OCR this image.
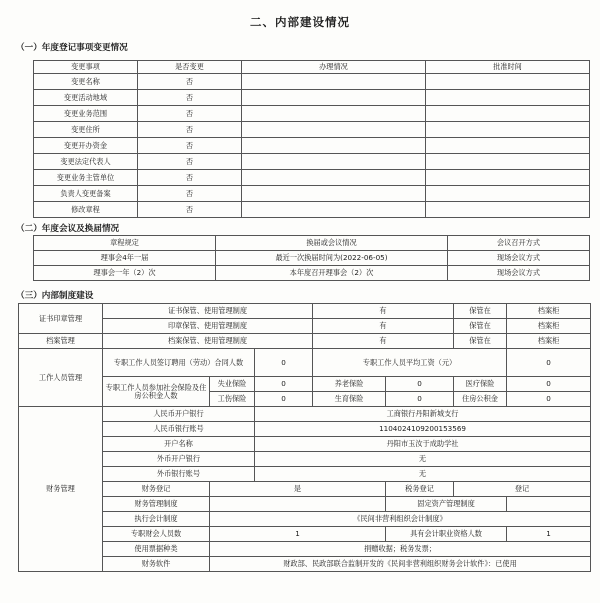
二、内部建设情况
（一）年度登记事项变更情况
变更事项	是否变更	办理情况	批准时间
变更名称	否		
变更活动地域	否		
变更业务范围	否		
变更住所	否		
变更开办资金	否		
变更法定代表人	否		
变更业务主管单位	否		
负责人变更备案	否		
修改章程	否		
（二）年度会议及换届情况
章程规定	换届或会议情况	会议召开方式
理事会4年一届	最近一次换届时间为(2022-06-05)	现场会议方式
理事会一年（2）次	本年度召开理事会（2）次	现场会议方式
（三）内部制度建设
证书印章管理	证书保管、使用管理制度			有		保管在	档案柜
	印章保管、使用管理制度			有		保管在	档案柜
档案管理	档案保管、使用管理制度			有		保管在	档案柜
工作人员管理	专职工作人员签订聘用（劳动）合同人数		0	专职工作人员平均工资（元）			0
	专职工作人员参加社会保险及住房公积金人数	失业保险	0	养老保险	0	医疗保险	0
		工伤保险	0	生育保险	0	住房公积金	0
财务管理	人民币开户银行		工商银行丹阳新城支行				
	人民币银行账号		1104024109200153569				
	开户名称		丹阳市玉汝于成助学社				
	外币开户银行		无				
	外币银行账号		无				
	财务登记	是			税务登记	登记	
	财务管理制度				固定资产管理制度		
	执行会计制度	《民间非营利组织会计制度》					
	专职财会人员数	1			具有会计职业资格人数		1
	使用票据种类	捐赠收据；税务发票；					
	财务软件	财政部、民政部联合监制开发的《民间非营利组织财务会计软件》：已使用					
